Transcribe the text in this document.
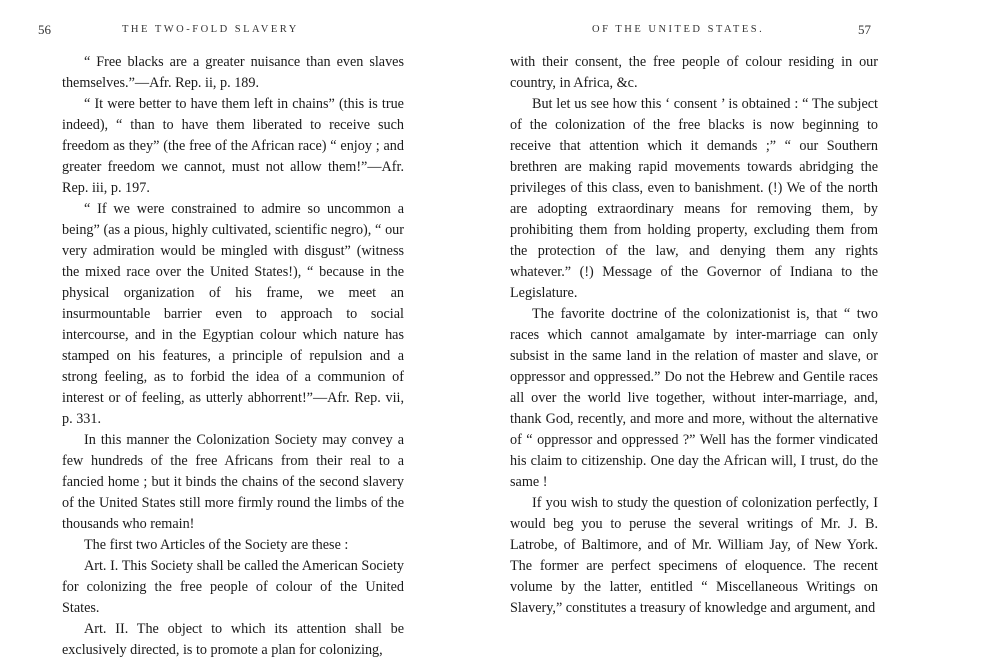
56	THE TWO-FOLD SLAVERY

“ Free blacks are a greater nuisance than even slaves themselves.”—Afr. Rep. ii, p. 189.

“ It were better to have them left in chains” (this is true indeed), “ than to have them liberated to receive such freedom as they” (the free of the African race) “ enjoy ; and greater freedom we cannot, must not allow them!”—Afr. Rep. iii, p. 197.

“ If we were constrained to admire so uncommon a being” (as a pious, highly cultivated, scientific negro), “ our very admiration would be mingled with disgust” (witness the mixed race over the United States!), “ because in the physical organization of his frame, we meet an insurmountable barrier even to approach to social intercourse, and in the Egyptian colour which nature has stamped on his features, a principle of repulsion and a strong feeling, as to forbid the idea of a communion of interest or of feeling, as utterly abhorrent!”—Afr. Rep. vii, p. 331.

In this manner the Colonization Society may convey a few hundreds of the free Africans from their real to a fancied home ; but it binds the chains of the second slavery of the United States still more firmly round the limbs of the thousands who remain!

The first two Articles of the Society are these :

Art. I. This Society shall be called the American Society for colonizing the free people of colour of the United States.

Art. II. The object to which its attention shall be exclusively directed, is to promote a plan for colonizing,

OF THE UNITED STATES.	57

with their consent, the free people of colour residing in our country, in Africa, &c.

But let us see how this ‘ consent ’ is obtained : “ The subject of the colonization of the free blacks is now beginning to receive that attention which it demands ;” “ our Southern brethren are making rapid movements towards abridging the privileges of this class, even to banishment. (!) We of the north are adopting extraordinary means for removing them, by prohibiting them from holding property, excluding them from the protection of the law, and denying them any rights whatever.” (!) Message of the Governor of Indiana to the Legislature.

The favorite doctrine of the colonizationist is, that “ two races which cannot amalgamate by inter-marriage can only subsist in the same land in the relation of master and slave, or oppressor and oppressed.” Do not the Hebrew and Gentile races all over the world live together, without inter-marriage, and, thank God, recently, and more and more, without the alternative of “ oppressor and oppressed ?” Well has the former vindicated his claim to citizenship. One day the African will, I trust, do the same !

If you wish to study the question of colonization perfectly, I would beg you to peruse the several writings of Mr. J. B. Latrobe, of Baltimore, and of Mr. William Jay, of New York. The former are perfect specimens of eloquence. The recent volume by the latter, entitled “ Miscellaneous Writings on Slavery,” constitutes a treasury of knowledge and argument, and
